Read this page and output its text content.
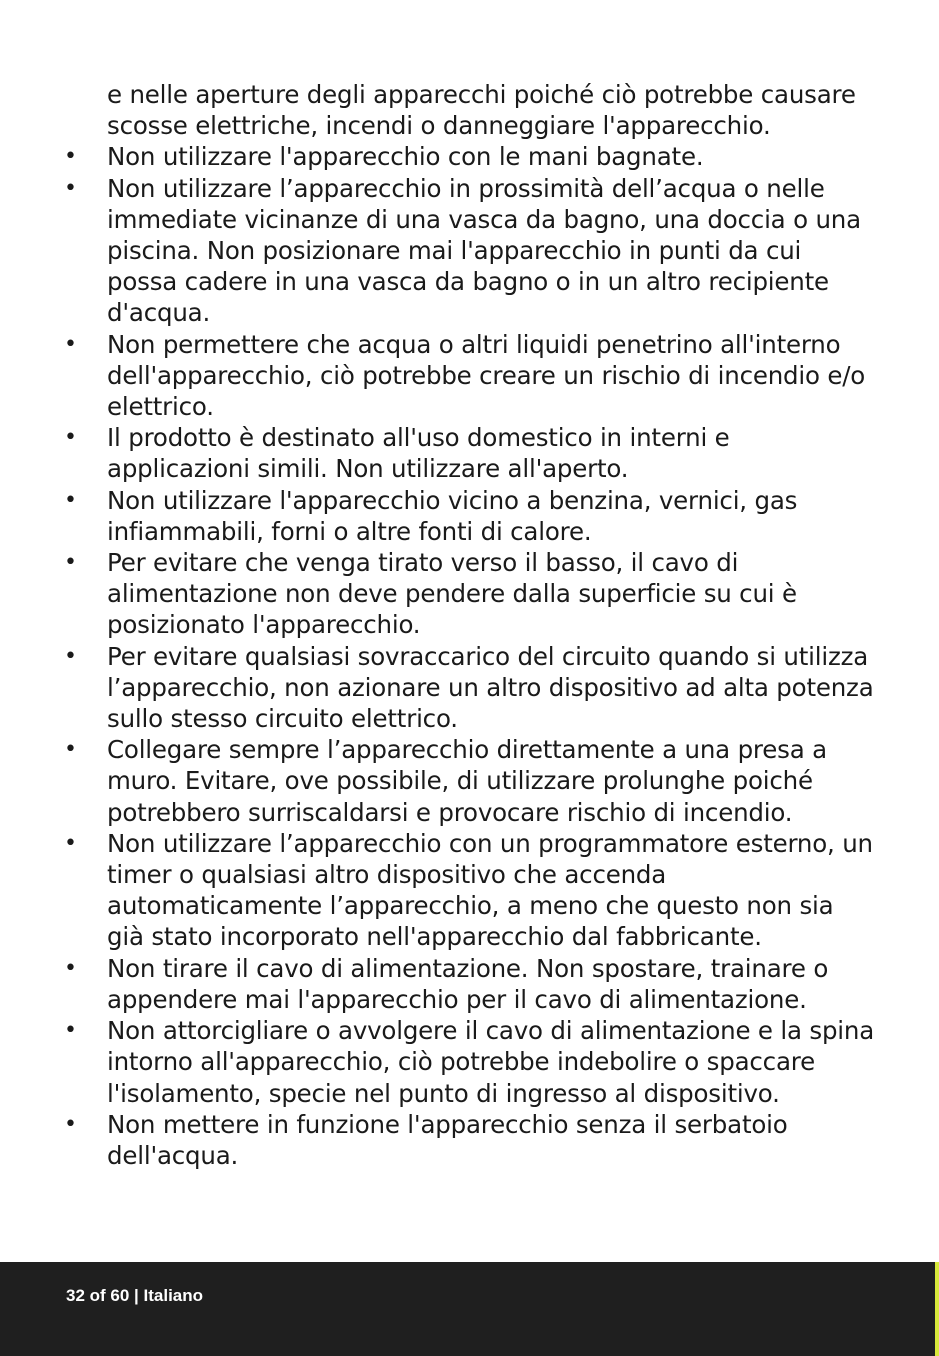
e nelle aperture degli apparecchi poiché ciò potrebbe causare scosse elettriche, incendi o danneggiare l'apparecchio.

• Non utilizzare l'apparecchio con le mani bagnate.
• Non utilizzare l’apparecchio in prossimità dell’acqua o nelle immediate vicinanze di una vasca da bagno, una doccia o una piscina. Non posizionare mai l'apparecchio in punti da cui possa cadere in una vasca da bagno o in un altro recipiente d'acqua.
• Non permettere che acqua o altri liquidi penetrino all'interno dell'apparecchio, ciò potrebbe creare un rischio di incendio e/o elettrico.
• Il prodotto è destinato all'uso domestico in interni e applicazioni simili. Non utilizzare all'aperto.
• Non utilizzare l'apparecchio vicino a benzina, vernici, gas infiammabili, forni o altre fonti di calore.
• Per evitare che venga tirato verso il basso, il cavo di alimentazione non deve pendere dalla superficie su cui è posizionato l'apparecchio.
• Per evitare qualsiasi sovraccarico del circuito quando si utilizza l’apparecchio, non azionare un altro dispositivo ad alta potenza sullo stesso circuito elettrico.
• Collegare sempre l’apparecchio direttamente a una presa a muro. Evitare, ove possibile, di utilizzare prolunghe poiché potrebbero surriscaldarsi e provocare rischio di incendio.
• Non utilizzare l’apparecchio con un programmatore esterno, un timer o qualsiasi altro dispositivo che accenda automaticamente l’apparecchio, a meno che questo non sia già stato incorporato nell'apparecchio dal fabbricante.
• Non tirare il cavo di alimentazione. Non spostare, trainare o appendere mai l'apparecchio per il cavo di alimentazione.
• Non attorcigliare o avvolgere il cavo di alimentazione e la spina intorno all'apparecchio, ciò potrebbe indebolire o spaccare l'isolamento, specie nel punto di ingresso al dispositivo.
• Non mettere in funzione l'apparecchio senza il serbatoio dell'acqua.
32 of 60 | Italiano
